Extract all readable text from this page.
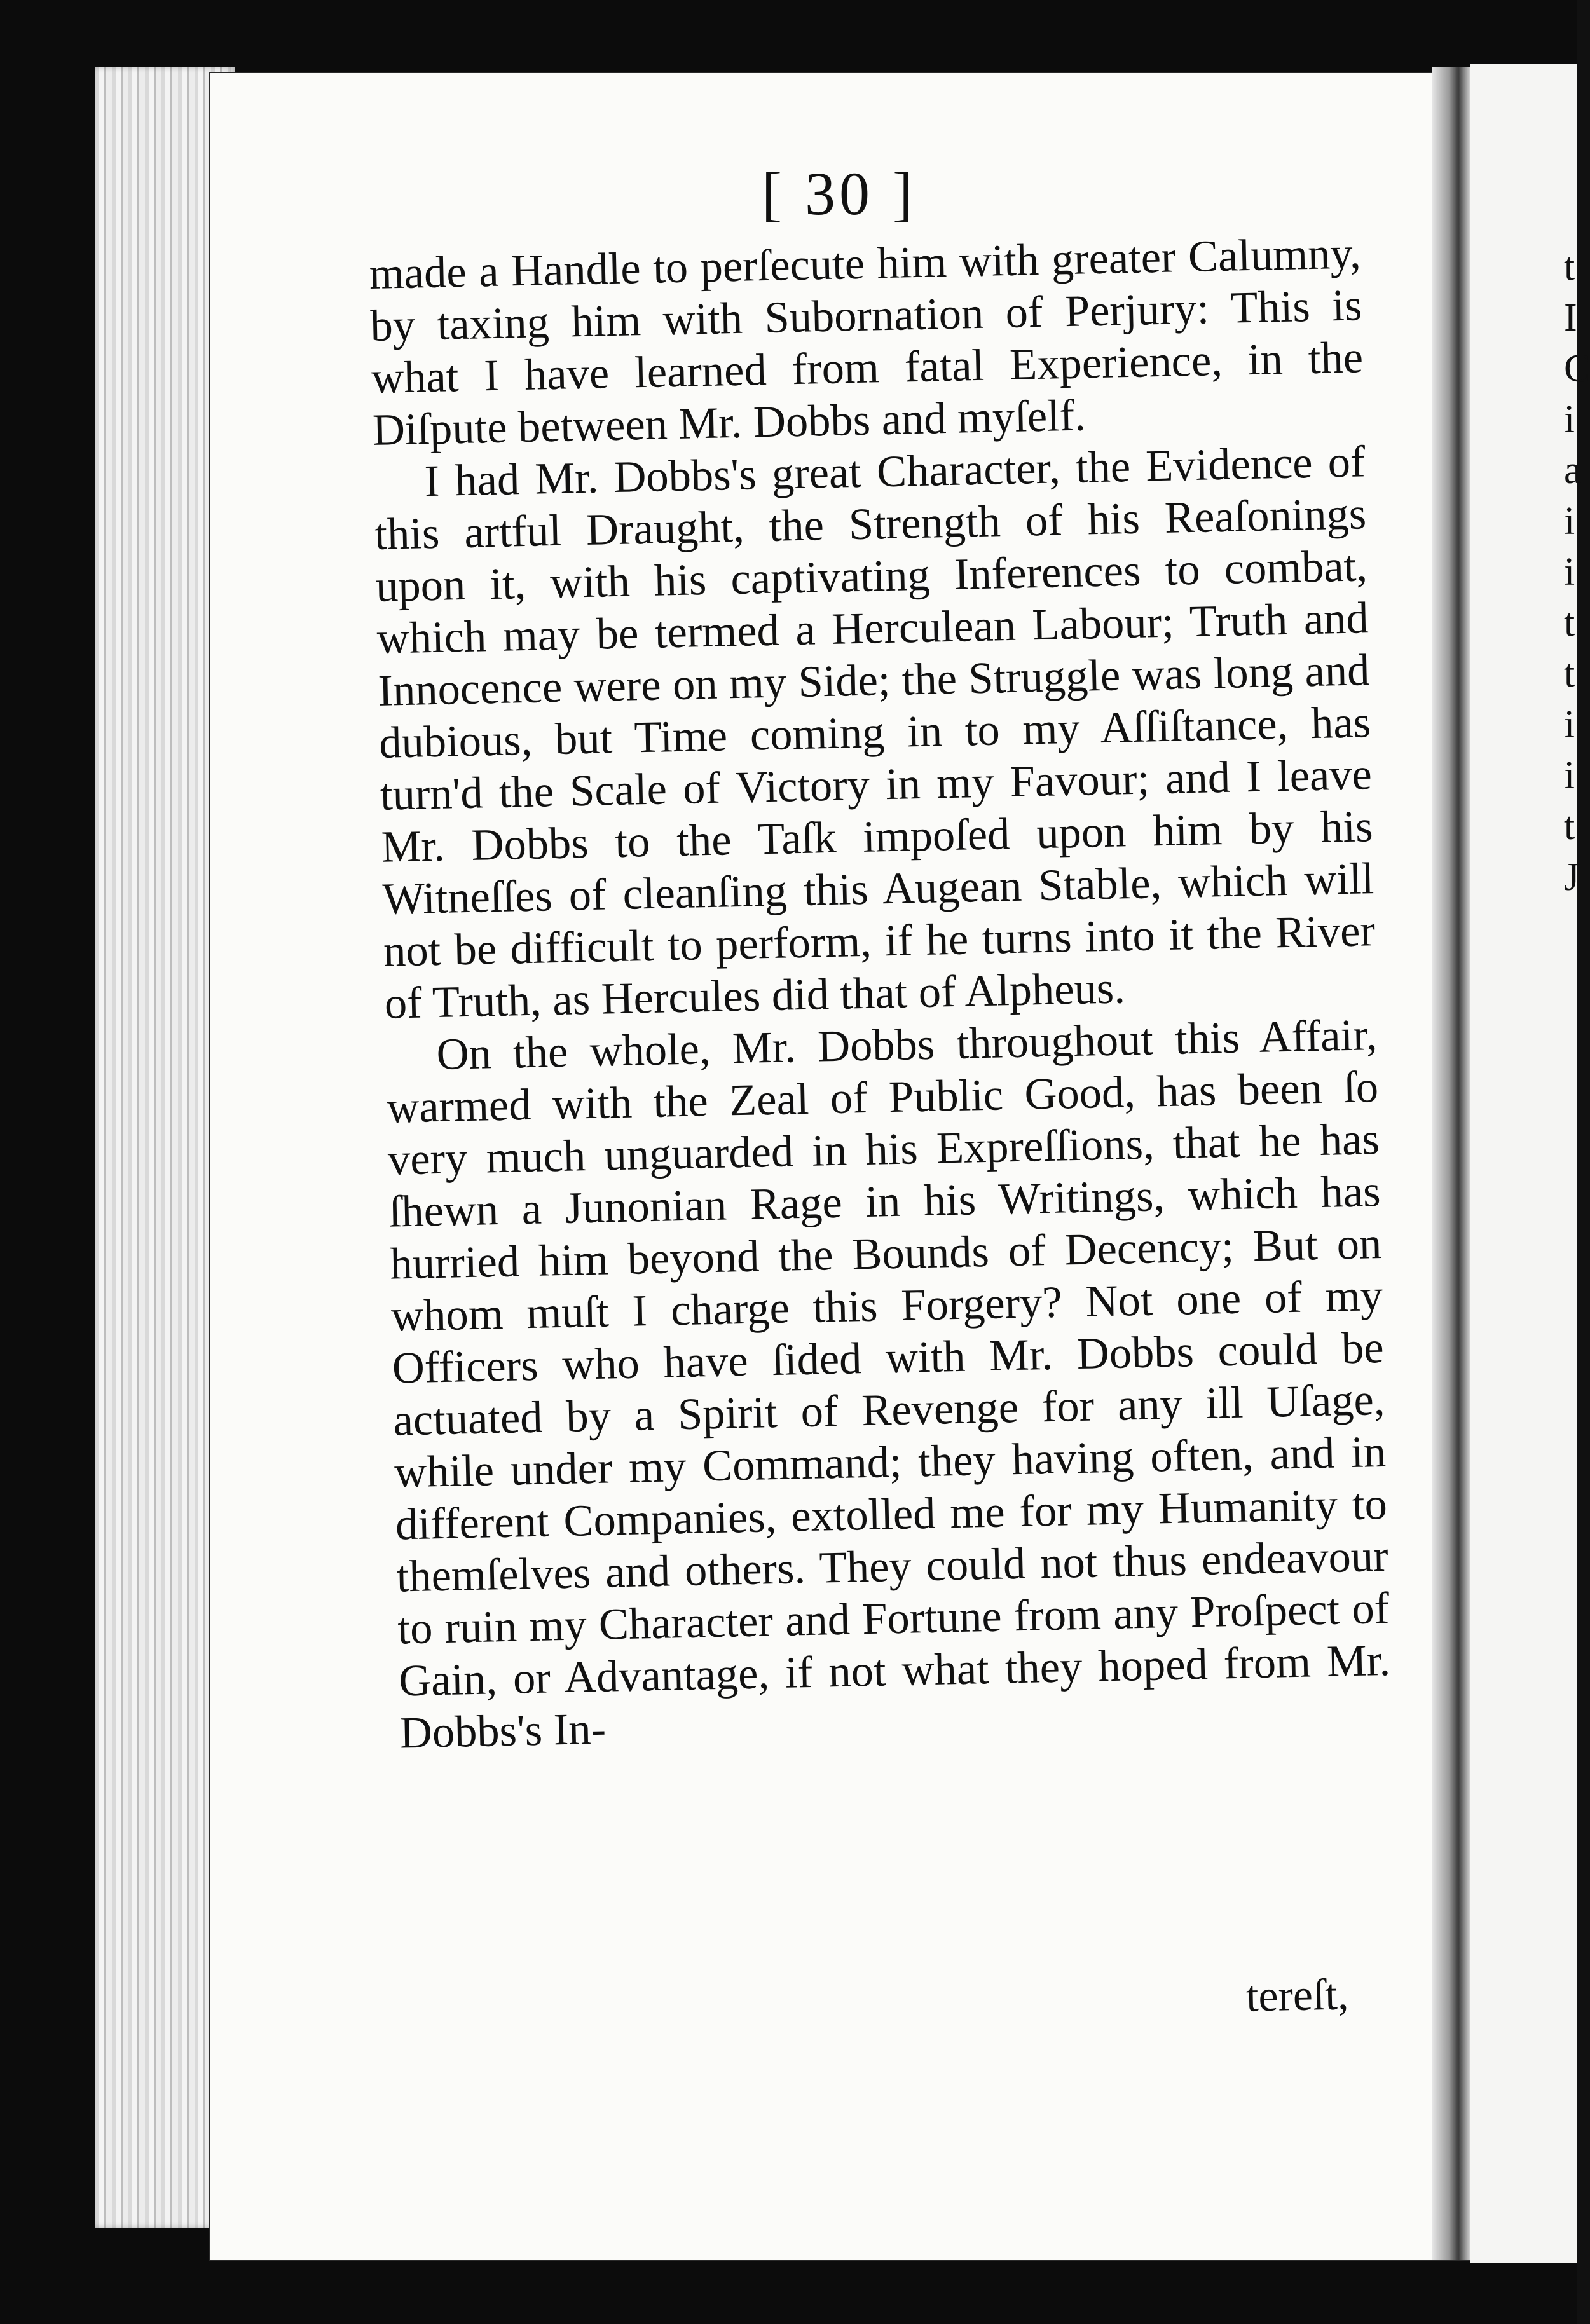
t
I
C
i
a
i
i
t
t
i
i
t
J
[ 30 ]

made a Handle to perſecute him with greater Calumny, by taxing him with Subornation of Perjury: This is what I have learned from fatal Experience, in the Diſpute between Mr. Dobbs and myſelf.

I had Mr. Dobbs's great Character, the Evidence of this artful Draught, the Strength of his Reaſonings upon it, with his captivating Inferences to combat, which may be termed a Herculean Labour; Truth and Innocence were on my Side; the Struggle was long and dubious, but Time coming in to my Aſſiſtance, has turn'd the Scale of Victory in my Favour; and I leave Mr. Dobbs to the Taſk impoſed upon him by his Witneſſes of cleanſing this Augean Stable, which will not be difficult to perform, if he turns into it the River of Truth, as Hercules did that of Alpheus.

On the whole, Mr. Dobbs throughout this Affair, warmed with the Zeal of Public Good, has been ſo very much unguarded in his Expreſſions, that he has ſhewn a Junonian Rage in his Writings, which has hurried him beyond the Bounds of Decency; But on whom muſt I charge this Forgery? Not one of my Officers who have ſided with Mr. Dobbs could be actuated by a Spirit of Revenge for any ill Uſage, while under my Command; they having often, and in different Companies, extolled me for my Humanity to themſelves and others. They could not thus endeavour to ruin my Character and Fortune from any Proſpect of Gain, or Advantage, if not what they hoped from Mr. Dobbs's In-

tereſt,
